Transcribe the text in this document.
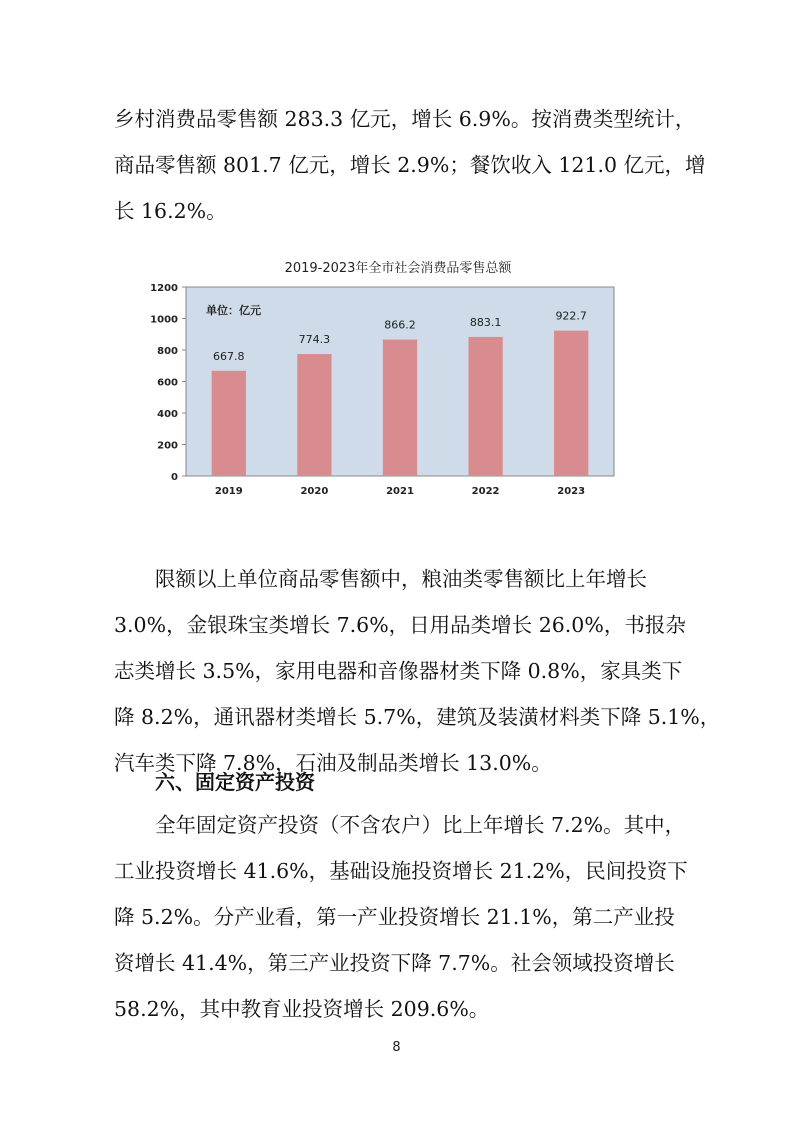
乡村消费品零售额 283.3 亿元，增长 6.9%。按消费类型统计，
商品零售额 801.7 亿元，增长 2.9%；餐饮收入 121.0 亿元，增
长 16.2%。
2019-2023年全市社会消费品零售总额
单位：亿元
0
200
400
600
800
1000
1200
667.8
774.3
866.2	883.1	922.7
2019	2020	2021	2022	2023
限额以上单位商品零售额中，粮油类零售额比上年增长
3.0%，金银珠宝类增长 7.6%，日用品类增长 26.0%，书报杂
志类增长 3.5%，家用电器和音像器材类下降 0.8%，家具类下
降 8.2%，通讯器材类增长 5.7%，建筑及装潢材料类下降 5.1%，
汽车类下降 7.8%，石油及制品类增长 13.0%。
六、固定资产投资
全年固定资产投资（不含农户）比上年增长 7.2%。其中，
工业投资增长 41.6%，基础设施投资增长 21.2%，民间投资下
降 5.2%。分产业看，第一产业投资增长 21.1%，第二产业投
资增长 41.4%，第三产业投资下降 7.7%。社会领域投资增长
58.2%，其中教育业投资增长 209.6%。
8
